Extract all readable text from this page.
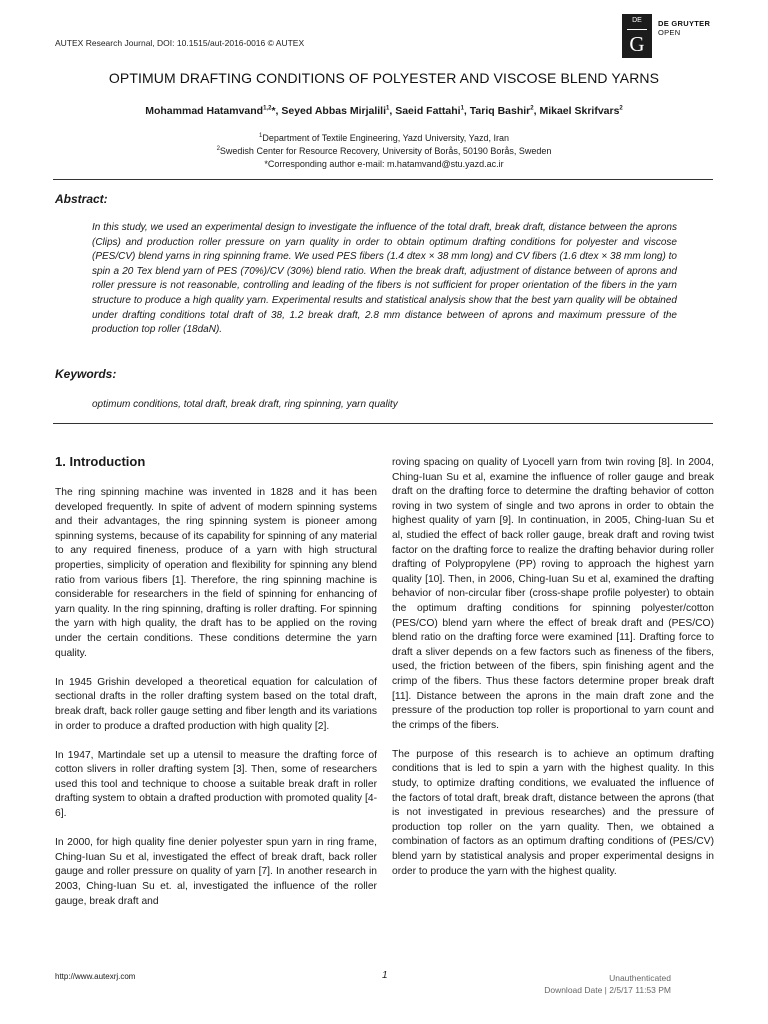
AUTEX Research Journal, DOI: 10.1515/aut-2016-0016 © AUTEX
DE
G
DE GRUYTER
OPEN
OPTIMUM DRAFTING CONDITIONS OF POLYESTER AND VISCOSE BLEND YARNS
Mohammad Hatamvand$^{1,2}$*, Seyed Abbas Mirjalili$^1$, Saeid Fattahi$^1$, Tariq Bashir$^2$, Mikael Skrifvars$^2$
$^1$Department of Textile Engineering, Yazd University, Yazd, Iran
$^2$Swedish Center for Resource Recovery, University of Borås, 50190 Borås, Sweden
*Corresponding author e-mail: m.hatamvand@stu.yazd.ac.ir
Abstract:
In this study, we used an experimental design to investigate the influence of the total draft, break draft, distance between the aprons (Clips) and production roller pressure on yarn quality in order to obtain optimum drafting conditions for polyester and viscose (PES/CV) blend yarns in ring spinning frame. We used PES fibers (1.4 dtex × 38 mm long) and CV fibers (1.6 dtex × 38 mm long) to spin a 20 Tex blend yarn of PES (70%)/CV (30%) blend ratio. When the break draft, adjustment of distance between of aprons and roller pressure is not reasonable, controlling and leading of the fibers is not sufficient for proper orientation of the fibers in the yarn structure to produce a high quality yarn. Experimental results and statistical analysis show that the best yarn quality will be obtained under drafting conditions total draft of 38, 1.2 break draft, 2.8 mm distance between of aprons and maximum pressure of the production top roller (18daN).
Keywords:
optimum conditions, total draft, break draft, ring spinning, yarn quality
1. Introduction

The ring spinning machine was invented in 1828 and it has been developed frequently. In spite of advent of modern spinning systems and their advantages, the ring spinning system is pioneer among spinning systems, because of its capability for spinning of any material to any required fineness, produce of a yarn with high structural properties, simplicity of operation and flexibility for spinning any blend ratio from various fibers [1]. Therefore, the ring spinning machine is considerable for researchers in the field of spinning for enhancing of yarn quality. In the ring spinning, drafting is roller drafting. For spinning the yarn with high quality, the draft has to be applied on the roving under the certain conditions. These conditions determine the yarn quality.

In 1945 Grishin developed a theoretical equation for calculation of sectional drafts in the roller drafting system based on the total draft, break draft, back roller gauge setting and fiber length and its variations in order to produce a drafted production with high quality [2].

In 1947, Martindale set up a utensil to measure the drafting force of cotton slivers in roller drafting system [3]. Then, some of researchers used this tool and technique to choose a suitable break draft in roller drafting system to obtain a drafted production with promoted quality [4-6].

In 2000, for high quality fine denier polyester spun yarn in ring frame, Ching-Iuan Su et al, investigated the effect of break draft, back roller gauge and roller pressure on quality of yarn [7]. In another research in 2003, Ching-Iuan Su et. al, investigated the influence of the roller gauge, break draft and

roving spacing on quality of Lyocell yarn from twin roving [8]. In 2004, Ching-Iuan Su et al, examine the influence of roller gauge and break draft on the drafting force to determine the drafting behavior of cotton roving in two system of single and two aprons in order to obtain the highest quality of yarn [9]. In continuation, in 2005, Ching-Iuan Su et al, studied the effect of back roller gauge, break draft and roving twist factor on the drafting force to realize the drafting behavior during roller drafting of Polypropylene (PP) roving to approach the highest yarn quality [10]. Then, in 2006, Ching-Iuan Su et al, examined the drafting behavior of non-circular fiber (cross-shape profile polyester) to obtain the optimum drafting conditions for spinning polyester/cotton (PES/CO) blend yarn where the effect of break draft and (PES/CO) blend ratio on the drafting force were examined [11]. Drafting force to draft a sliver depends on a few factors such as fineness of the fibers, used, the friction between of the fibers, spin finishing agent and the crimp of the fibers. Thus these factors determine proper break draft [11]. Distance between the aprons in the main draft zone and the pressure of the production top roller is proportional to yarn count and the crimps of the fibers.

The purpose of this research is to achieve an optimum drafting conditions that is led to spin a yarn with the highest quality. In this study, to optimize drafting conditions, we evaluated the influence of the factors of total draft, break draft, distance between the aprons (that is not investigated in previous researches) and the pressure of production top roller on the yarn quality. Then, we obtained a combination of factors as an optimum drafting conditions of (PES/CV) blend yarn by statistical analysis and proper experimental designs in order to produce the yarn with the highest quality.

http://www.autexrj.com	1	Unauthenticated
Download Date | 2/5/17 11:53 PM
